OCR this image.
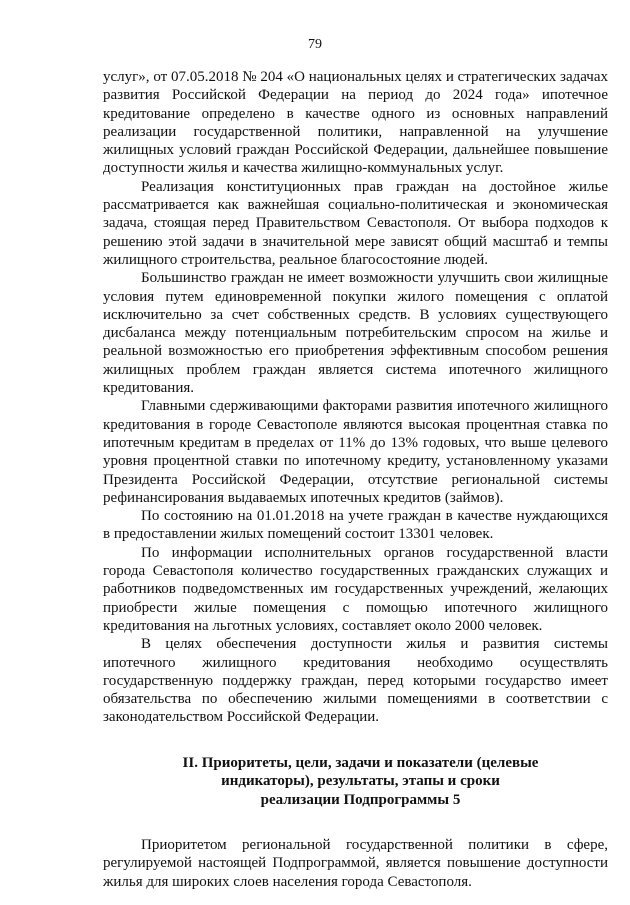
79

услуг», от 07.05.2018 № 204 «О национальных целях и стратегических задачах развития Российской Федерации на период до 2024 года» ипотечное кредитование определено в качестве одного из основных направлений реализации государственной политики, направленной на улучшение жилищных условий граждан Российской Федерации, дальнейшее повышение доступности жилья и качества жилищно-коммунальных услуг.

Реализация конституционных прав граждан на достойное жилье рассматривается как важнейшая социально-политическая и экономическая задача, стоящая перед Правительством Севастополя. От выбора подходов к решению этой задачи в значительной мере зависят общий масштаб и темпы жилищного строительства, реальное благосостояние людей.

Большинство граждан не имеет возможности улучшить свои жилищные условия путем единовременной покупки жилого помещения с оплатой исключительно за счет собственных средств. В условиях существующего дисбаланса между потенциальным потребительским спросом на жилье и реальной возможностью его приобретения эффективным способом решения жилищных проблем граждан является система ипотечного жилищного кредитования.

Главными сдерживающими факторами развития ипотечного жилищного кредитования в городе Севастополе являются высокая процентная ставка по ипотечным кредитам в пределах от 11% до 13% годовых, что выше целевого уровня процентной ставки по ипотечному кредиту, установленному указами Президента Российской Федерации, отсутствие региональной системы рефинансирования выдаваемых ипотечных кредитов (займов).

По состоянию на 01.01.2018 на учете граждан в качестве нуждающихся в предоставлении жилых помещений состоит 13301 человек.

По информации исполнительных органов государственной власти города Севастополя количество государственных гражданских служащих и работников подведомственных им государственных учреждений, желающих приобрести жилые помещения с помощью ипотечного жилищного кредитования на льготных условиях, составляет около 2000 человек.

В целях обеспечения доступности жилья и развития системы ипотечного жилищного кредитования необходимо осуществлять государственную поддержку граждан, перед которыми государство имеет обязательства по обеспечению жилыми помещениями в соответствии с законодательством Российской Федерации.

II. Приоритеты, цели, задачи и показатели (целевые
индикаторы), результаты, этапы и сроки
реализации Подпрограммы 5

Приоритетом региональной государственной политики в сфере, регулируемой настоящей Подпрограммой, является повышение доступности жилья для широких слоев населения города Севастополя.
